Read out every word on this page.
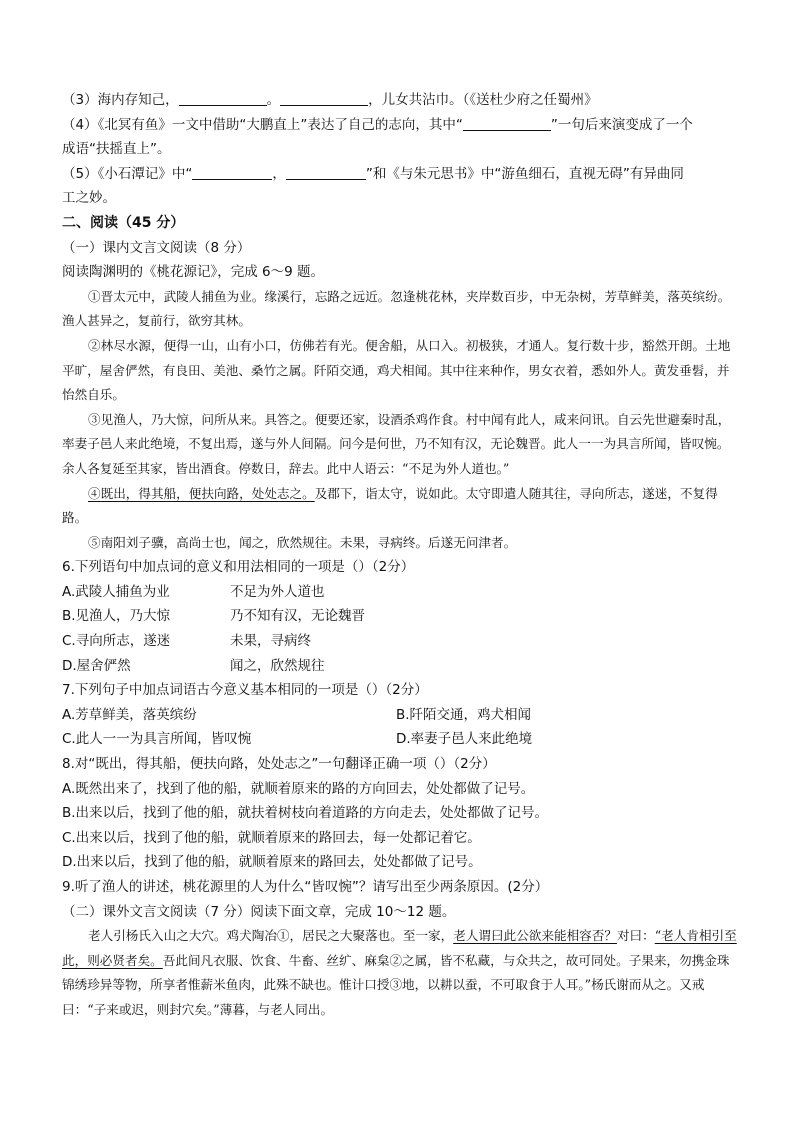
（3）海内存知己，	。	，儿女共沾巾。（《送杜少府之任蜀州》
（4）《北冥有鱼》一文中借助“大鹏直上”表达了自己的志向，其中“	”一句后来演变成了一个
成语“扶摇直上”。
（5）《小石潭记》中“	，	”和《与朱元思书》中“游鱼细石，直视无碍”有异曲同
工之妙。
二、阅读（45 分）
（一）课内文言文阅读（8 分）
阅读陶渊明的《桃花源记》，完成 6～9 题。
①晋太元中，武陵人捕鱼为业。缘溪行，忘路之远近。忽逢桃花林，夹岸数百步，中无杂树，芳草鲜美，落英缤纷。渔人甚异之，复前行，欲穷其林。
②林尽水源，便得一山，山有小口，仿佛若有光。便舍船，从口入。初极狭，才通人。复行数十步，豁然开朗。土地平旷，屋舍俨然，有良田、美池、桑竹之属。阡陌交通，鸡犬相闻。其中往来种作，男女衣着，悉如外人。黄发垂髫，并怡然自乐。
③见渔人，乃大惊，问所从来。具答之。便要还家，设酒杀鸡作食。村中闻有此人，咸来问讯。自云先世避秦时乱，率妻子邑人来此绝境，不复出焉，遂与外人间隔。问今是何世，乃不知有汉，无论魏晋。此人一一为具言所闻，皆叹惋。余人各复延至其家，皆出酒食。停数日，辞去。此中人语云：“不足为外人道也。”
④既出，得其船，便扶向路，处处志之。及郡下，诣太守，说如此。太守即遣人随其往，寻向所志，遂迷，不复得路。
⑤南阳刘子骥，高尚士也，闻之，欣然规往。未果，寻病终。后遂无问津者。
6.下列语句中加点词的意义和用法相同的一项是（）（2分）
A.武陵人捕鱼为业	不足为外人道也
B.见渔人，乃大惊	乃不知有汉，无论魏晋
C.寻向所志，遂迷	未果，寻病终
D.屋舍俨然	闻之，欣然规往
7.下列句子中加点词语古今意义基本相同的一项是（）（2分）
A.芳草鲜美，落英缤纷	B.阡陌交通，鸡犬相闻
C.此人一一为具言所闻，皆叹惋	D.率妻子邑人来此绝境
8.对“既出，得其船，便扶向路，处处志之”一句翻译正确一项（）（2分）
A.既然出来了，找到了他的船，就顺着原来的路的方向回去，处处都做了记号。
B.出来以后，找到了他的船，就扶着树枝向着道路的方向走去，处处都做了记号。
C.出来以后，找到了他的船，就顺着原来的路回去，每一处都记着它。
D.出来以后，找到了他的船，就顺着原来的路回去，处处都做了记号。
9.听了渔人的讲述，桃花源里的人为什么“皆叹惋”？请写出至少两条原因。(2分）
（二）课外文言文阅读（7 分）阅读下面文章，完成 10～12 题。
老人引杨氏入山之大穴。鸡犬陶冶①，居民之大聚落也。至一家，老人谓曰此公欲来能相容否？对曰：“老人肯相引至此，则必贤者矣。吾此间凡衣服、饮食、牛畜、丝纩、麻枲②之属，皆不私藏，与众共之，故可同处。子果来，勿携金珠锦绣珍异等物，所享者惟薪米鱼肉，此殊不缺也。惟计口授③地，以耕以蚕，不可取食于人耳。”杨氏谢而从之。又戒曰：“子来或迟，则封穴矣。”薄暮，与老人同出。
